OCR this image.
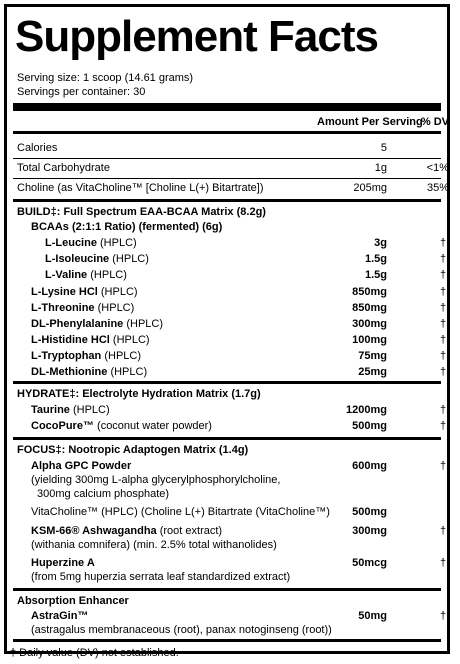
Supplement Facts
Serving size: 1 scoop (14.61 grams)
Servings per container: 30
Amount Per Serving
% DV
Calories	5
Total Carbohydrate	1g	<1%
Choline (as VitaCholine™ [Choline L(+) Bitartrate])	205mg	35%
BUILD‡: Full Spectrum EAA-BCAA Matrix (8.2g)
BCAAs (2:1:1 Ratio) (fermented) (6g)
L-Leucine (HPLC)	3g	†
L-Isoleucine (HPLC)	1.5g	†
L-Valine (HPLC)	1.5g	†
L-Lysine HCl (HPLC)	850mg	†
L-Threonine (HPLC)	850mg	†
DL-Phenylalanine (HPLC)	300mg	†
L-Histidine HCl (HPLC)	100mg	†
L-Tryptophan (HPLC)	75mg	†
DL-Methionine (HPLC)	25mg	†
HYDRATE‡: Electrolyte Hydration Matrix (1.7g)
Taurine (HPLC)	1200mg	†
CocoPure™ (coconut water powder)	500mg	†
FOCUS‡: Nootropic Adaptogen Matrix (1.4g)
Alpha GPC Powder	600mg	†
(yielding 300mg L-alpha glycerylphosphorylcholine,
300mg calcium phosphate)
VitaCholine™ (HPLC) (Choline L(+) Bitartrate (VitaCholine™)	500mg
KSM-66® Ashwagandha (root extract)	300mg	†
(withania comnifera) (min. 2.5% total withanolides)
Huperzine A	50mcg	†
(from 5mg huperzia serrata leaf standardized extract)
Absorption Enhancer
AstraGin™	50mg	†
(astragalus membranaceous (root), panax notoginseng (root))
† Daily value (DV) not established.
